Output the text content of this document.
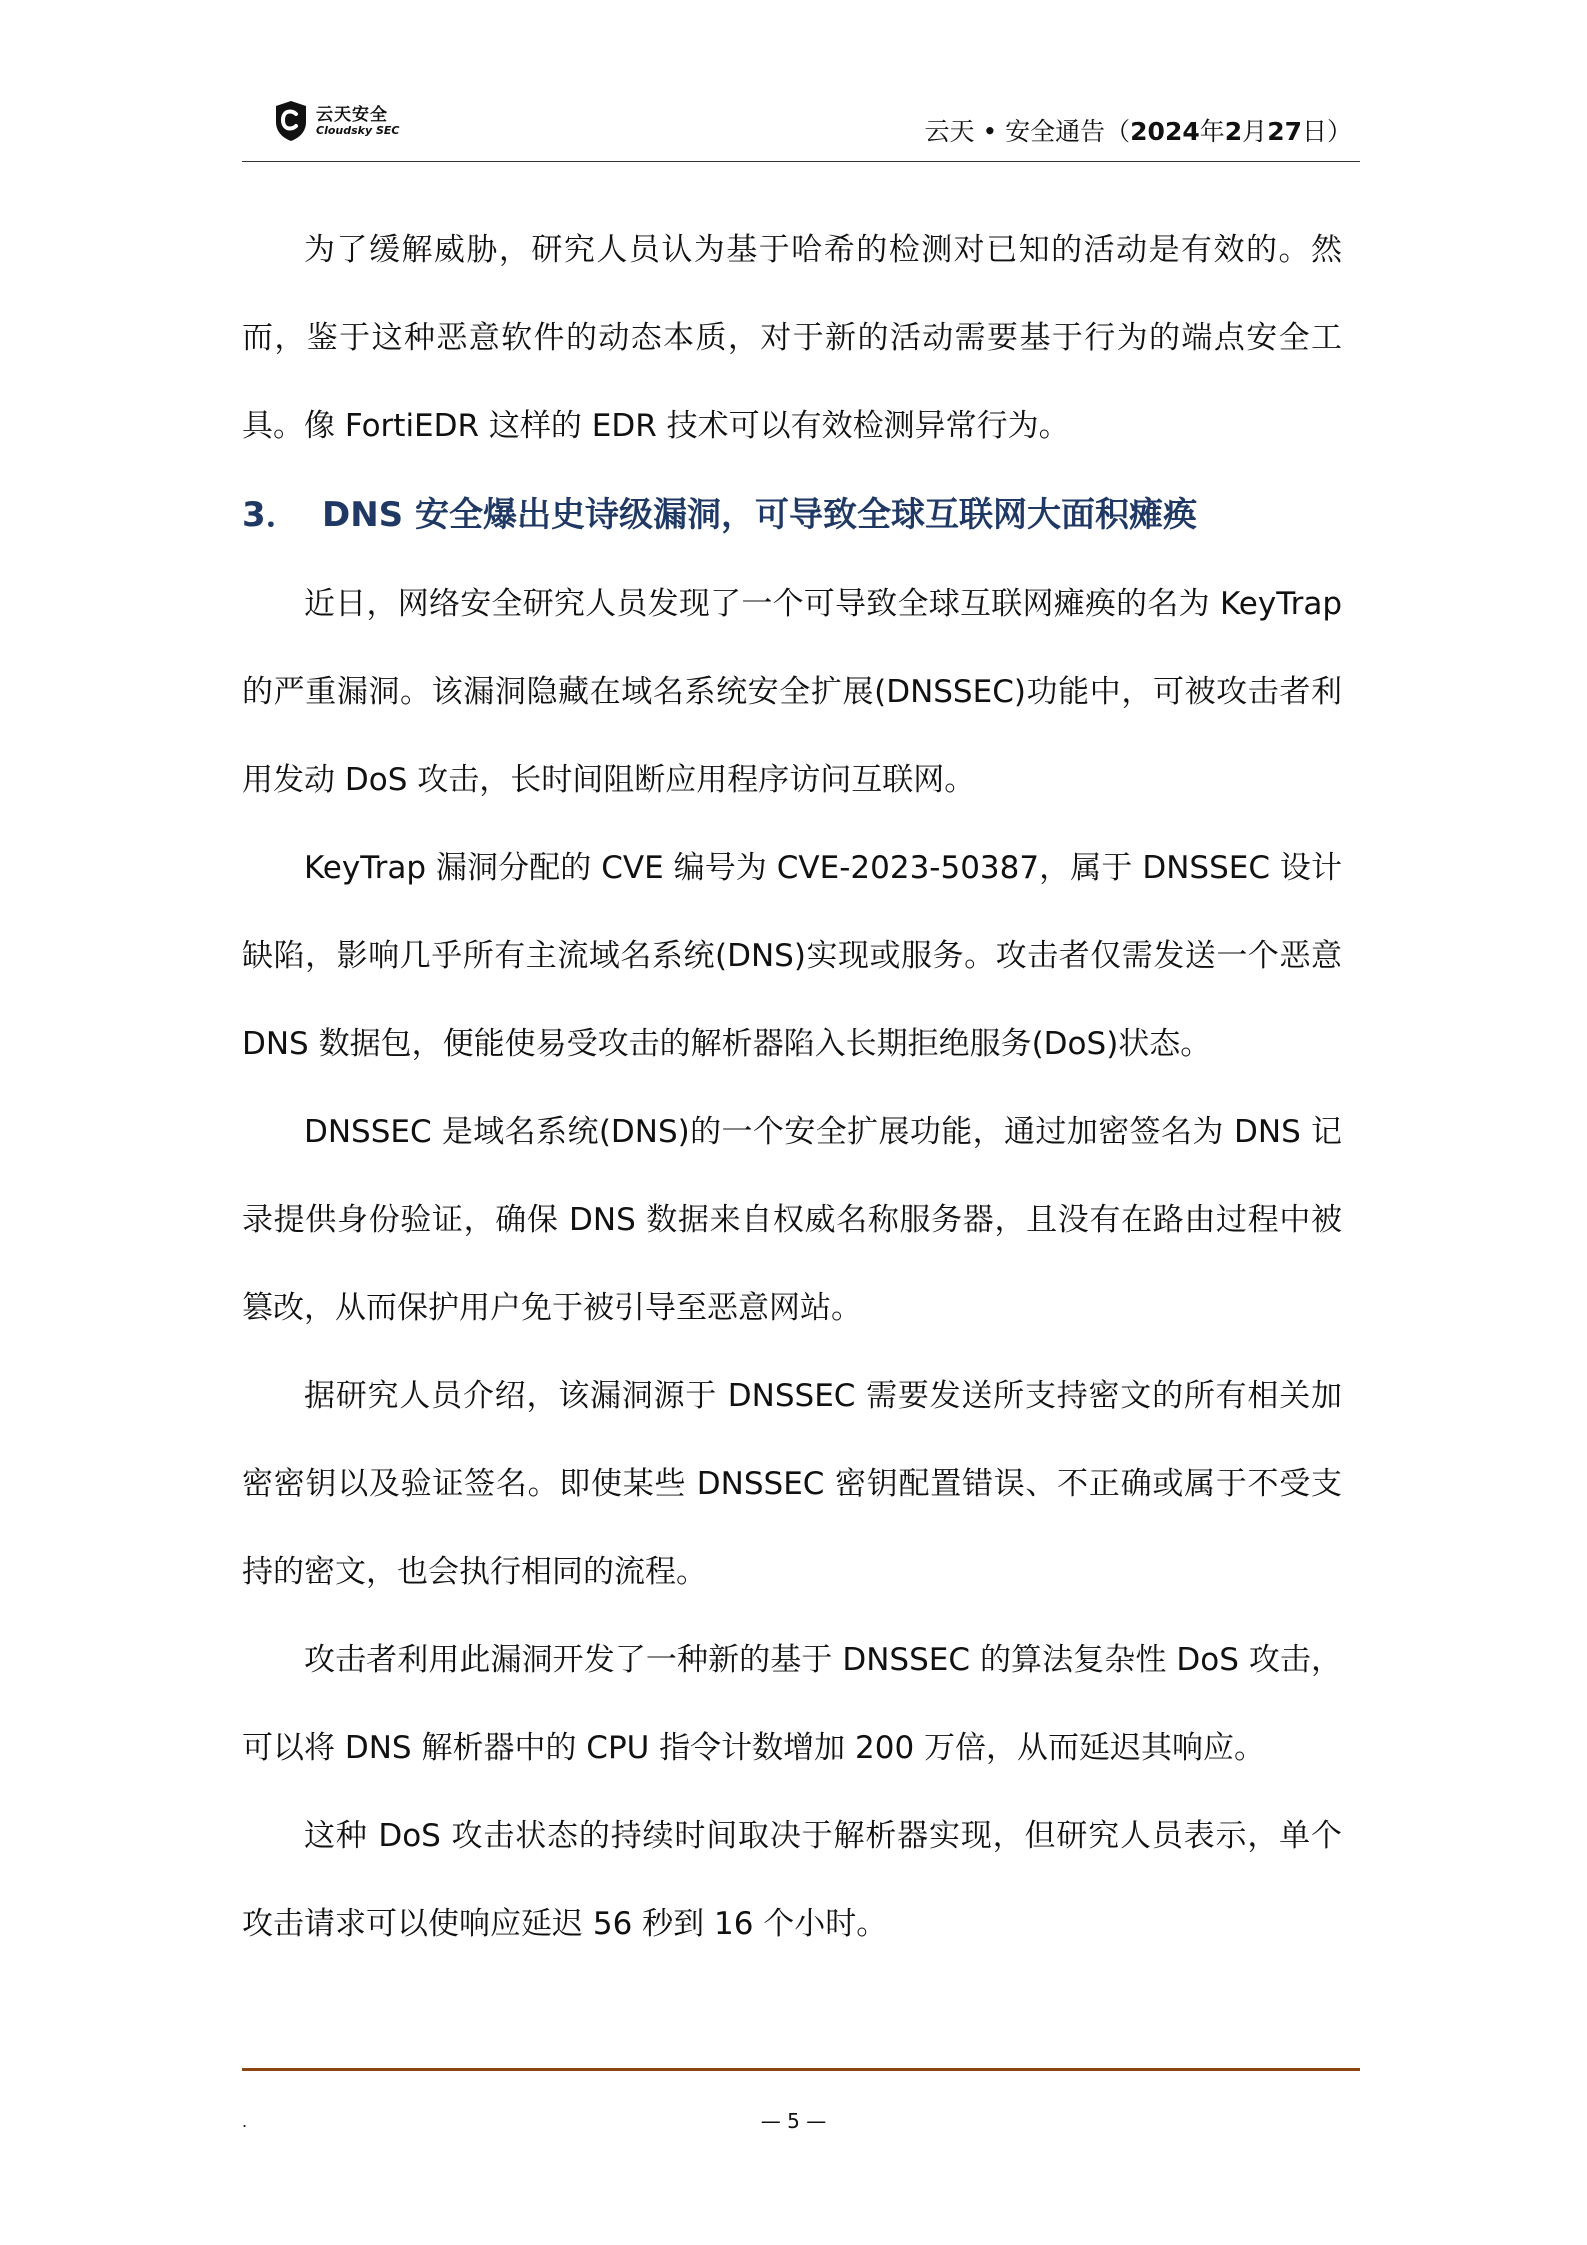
云天安全
Cloudsky SEC	云天 • 安全通告（2024年2月27日）

为了缓解威胁，研究人员认为基于哈希的检测对已知的活动是有效的。然而，鉴于这种恶意软件的动态本质，对于新的活动需要基于行为的端点安全工具。像 FortiEDR 这样的 EDR 技术可以有效检测异常行为。

3． DNS 安全爆出史诗级漏洞，可导致全球互联网大面积瘫痪

近日，网络安全研究人员发现了一个可导致全球互联网瘫痪的名为 KeyTrap 的严重漏洞。该漏洞隐藏在域名系统安全扩展(DNSSEC)功能中，可被攻击者利用发动 DoS 攻击，长时间阻断应用程序访问互联网。

KeyTrap 漏洞分配的 CVE 编号为 CVE-2023-50387，属于 DNSSEC 设计缺陷，影响几乎所有主流域名系统(DNS)实现或服务。攻击者仅需发送一个恶意 DNS 数据包，便能使易受攻击的解析器陷入长期拒绝服务(DoS)状态。

DNSSEC 是域名系统(DNS)的一个安全扩展功能，通过加密签名为 DNS 记录提供身份验证，确保 DNS 数据来自权威名称服务器，且没有在路由过程中被篡改，从而保护用户免于被引导至恶意网站。

据研究人员介绍，该漏洞源于 DNSSEC 需要发送所支持密文的所有相关加密密钥以及验证签名。即使某些 DNSSEC 密钥配置错误、不正确或属于不受支持的密文，也会执行相同的流程。

攻击者利用此漏洞开发了一种新的基于 DNSSEC 的算法复杂性 DoS 攻击，可以将 DNS 解析器中的 CPU 指令计数增加 200 万倍，从而延迟其响应。

这种 DoS 攻击状态的持续时间取决于解析器实现，但研究人员表示，单个攻击请求可以使响应延迟 56 秒到 16 个小时。

.	— 5 —
